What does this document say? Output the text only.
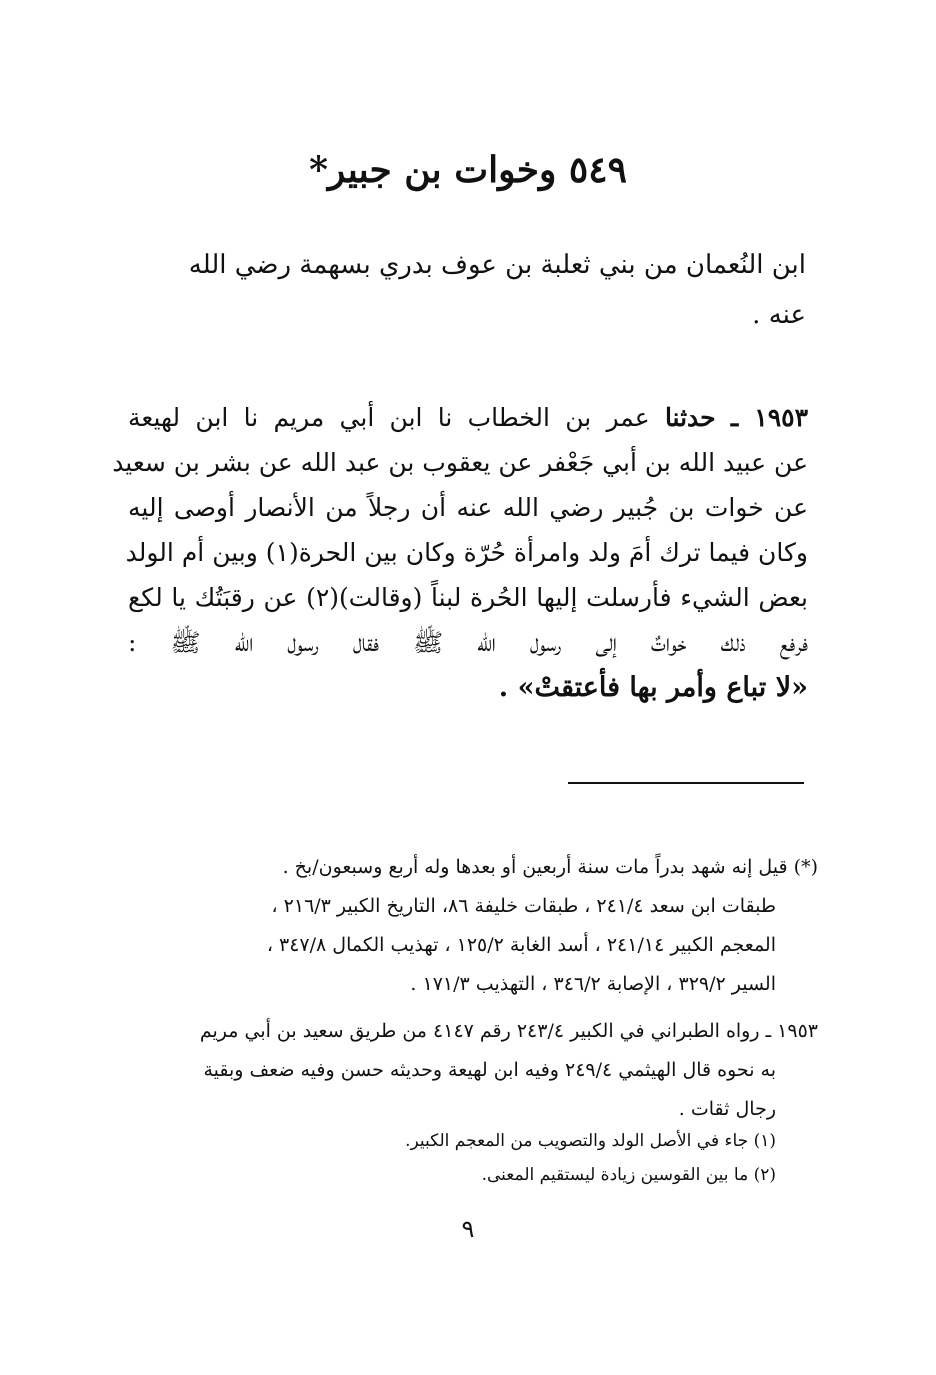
٥٤٩ وخوات بن جبير*

ابن النُعمان من بني ثعلبة بن عوف بدري بسهمة رضي الله

عنه .

١٩٥٣ ـ حدثنا عمر بن الخطاب نا ابن أبي مريم نا ابن لهيعة
عن عبيد الله بن أبي جَعْفر عن يعقوب بن عبد الله عن بشر بن سعيد
عن خوات بن جُبير رضي الله عنه أن رجلاً من الأنصار أوصى إليه
وكان فيما ترك أمَ ولد وامرأة حُرّة وكان بين الحرة(١) وبين أم الولد
بعض الشيء فأرسلت إليها الحُرة لبناً (وقالت)(٢) عن رقبَتُك يا لكع
فرفع ذلك خواتٌ إلى رسول الله ﷺ فقال رسول الله ﷺ :
«لا تباع وأمر بها فأعتقتْ» .
(*) قيل إنه شهد بدراً مات سنة أربعين أو بعدها وله أربع وسبعون/بخ .
طبقات ابن سعد ٢٤١/٤ ، طبقات خليفة ٨٦، التاريخ الكبير ٢١٦/٣ ،
المعجم الكبير ٢٤١/١٤ ، أسد الغابة ١٢٥/٢ ، تهذيب الكمال ٣٤٧/٨ ،
السير ٣٢٩/٢ ، الإصابة ٣٤٦/٢ ، التهذيب ١٧١/٣ .
١٩٥٣ ـ رواه الطبراني في الكبير ٢٤٣/٤ رقم ٤١٤٧ من طريق سعيد بن أبي مريم
به نحوه قال الهيثمي ٢٤٩/٤ وفيه ابن لهيعة وحديثه حسن وفيه ضعف وبقية
رجال ثقات .
(١) جاء في الأصل الولد والتصويب من المعجم الكبير.
(٢) ما بين القوسين زيادة ليستقيم المعنى.
٩
